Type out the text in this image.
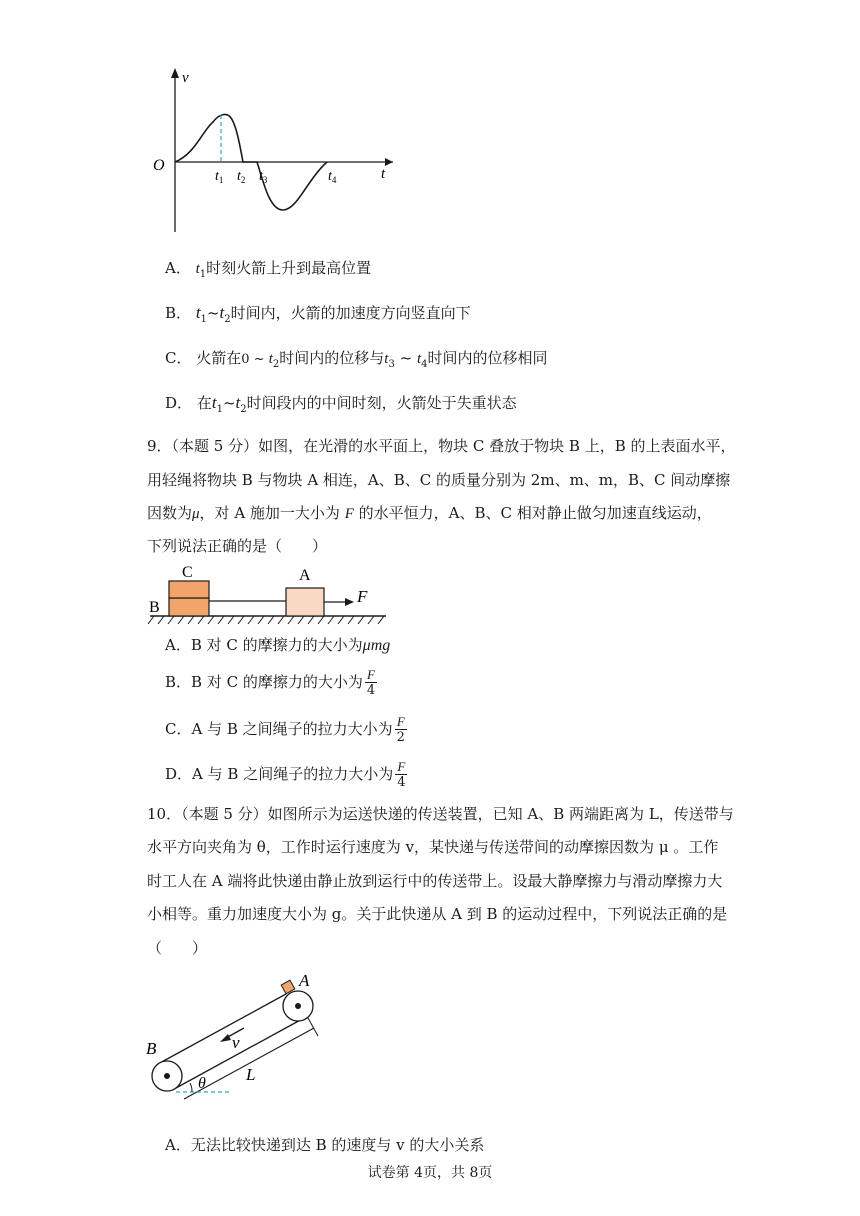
v
t
O
$t_1$ $t_2$ $t_3$	$t_4$
A． $t_1$时刻火箭上升到最高位置
B． $t_1\sim t_2$时间内，火箭的加速度方向竖直向下
C． 火箭在0 ~ $t_2$时间内的位移与$t_3$ ~ $t_4$时间内的位移相同
D． 在$t_1\sim t_2$时间段内的中间时刻，火箭处于失重状态
9．（本题 5 分）如图，在光滑的水平面上，物块 C 叠放于物块 B 上，B 的上表面水平，
用轻绳将物块 B 与物块 A 相连，A、B、C 的质量分别为 2m、m、m，B、C 间动摩擦
因数为μ，对 A 施加一大小为 F 的水平恒力，A、B、C 相对静止做匀加速直线运动，
下列说法正确的是（　　）
C	A
B
F
A．B 对 C 的摩擦力的大小为μmg
B． B 对 C 的摩擦力的大小为 $\frac{F}{4}$
C． A 与 B 之间绳子的拉力大小为 $\frac{F}{2}$
D． A 与 B 之间绳子的拉力大小为 $\frac{F}{4}$
10．（本题 5 分）如图所示为运送快递的传送装置，已知 A、B 两端距离为 L，传送带与
水平方向夹角为 θ，工作时运行速度为 v，某快递与传送带间的动摩擦因数为 μ 。工作
时工人在 A 端将此快递由静止放到运行中的传送带上。设最大静摩擦力与滑动摩擦力大
小相等。重力加速度大小为 g。关于此快递从 A 到 B 的运动过程中，下列说法正确的是
（　　）
A
B	v
L
θ
A．无法比较快递到达 B 的速度与 v 的大小关系
试卷第 4页，共 8页
